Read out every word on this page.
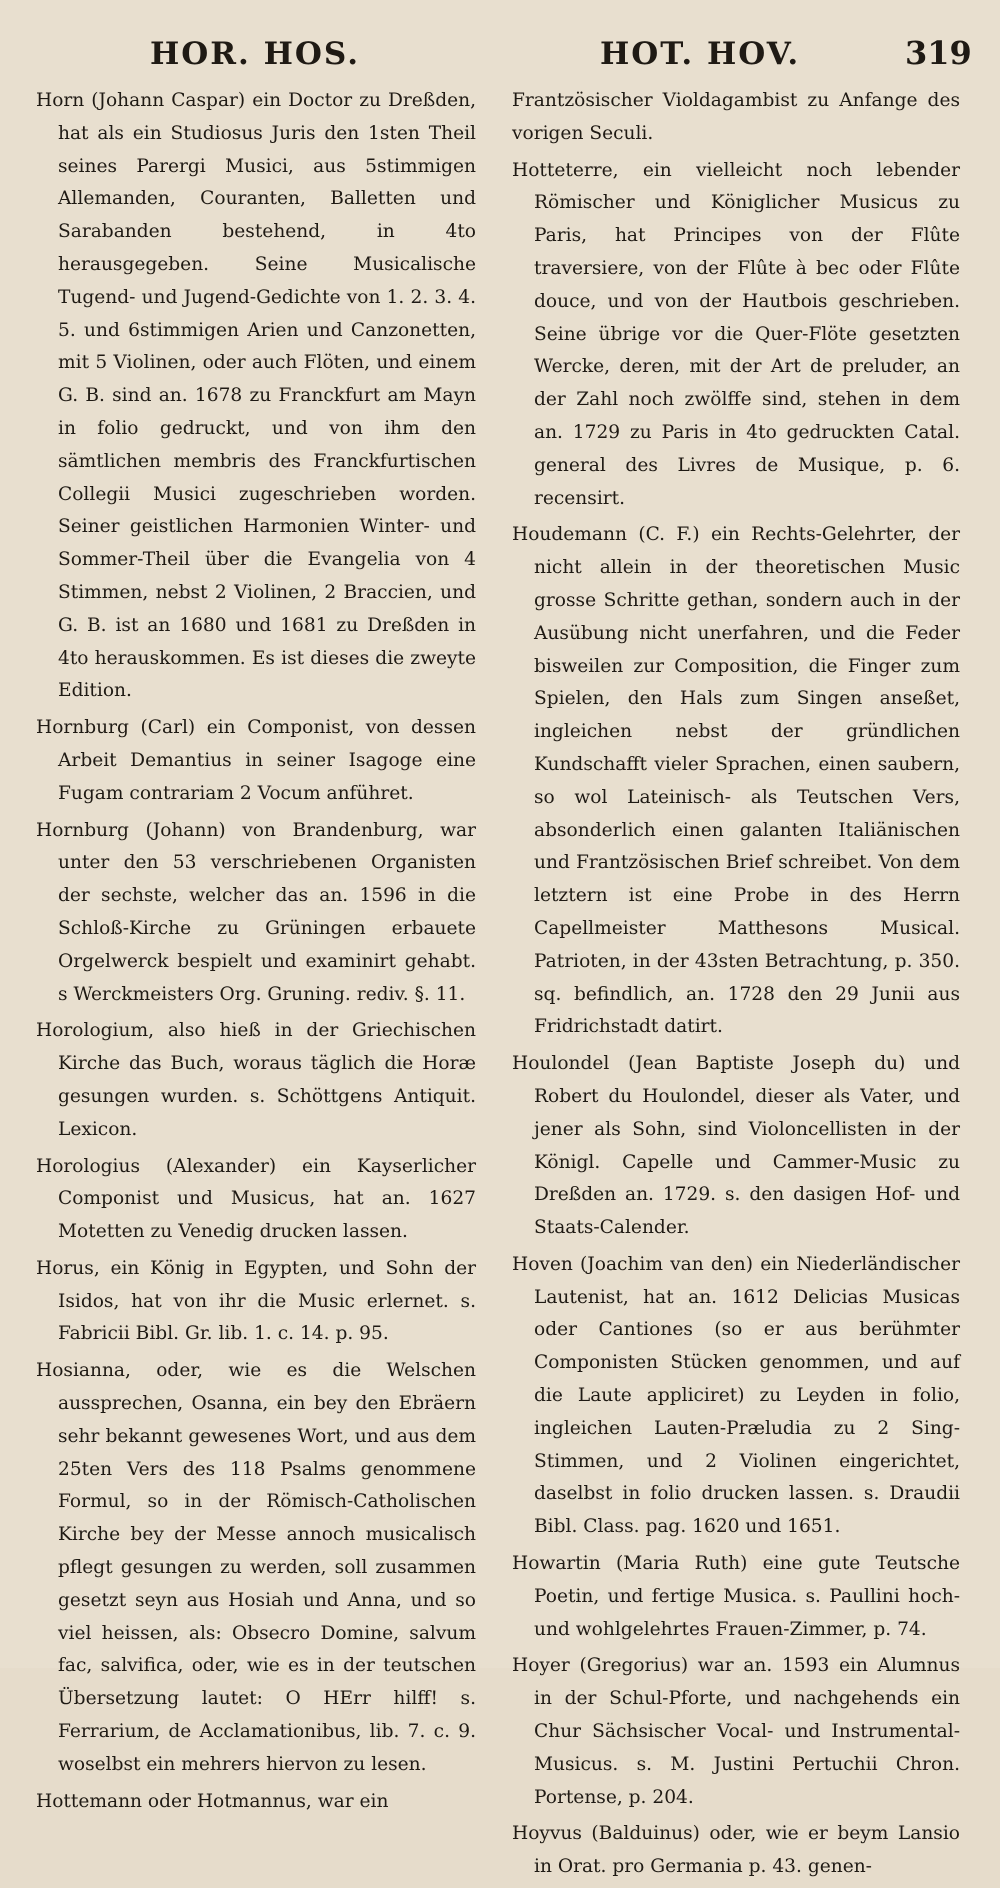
HOR. HOS.	HOT. HOV.	319

Horn (Johann Caspar) ein Doctor zu Dreßden, hat als ein Studiosus Juris den 1sten Theil seines Parergi Musici, aus 5stimmigen Allemanden, Couranten, Balletten und Sarabanden bestehend, in 4to herausgegeben. Seine Musicalische Tugend- und Jugend-Gedichte von 1. 2. 3. 4. 5. und 6stimmigen Arien und Canzonetten, mit 5 Violinen, oder auch Flöten, und einem G. B. sind an. 1678 zu Franckfurt am Mayn in folio gedruckt, und von ihm den sämtlichen membris des Franckfurtischen Collegii Musici zugeschrieben worden. Seiner geistlichen Harmonien Winter- und Sommer-Theil über die Evangelia von 4 Stimmen, nebst 2 Violinen, 2 Braccien, und G. B. ist an 1680 und 1681 zu Dreßden in 4to herauskommen. Es ist dieses die zweyte Edition.

Hornburg (Carl) ein Componist, von dessen Arbeit Demantius in seiner Isagoge eine Fugam contrariam 2 Vocum anführet.

Hornburg (Johann) von Brandenburg, war unter den 53 verschriebenen Organisten der sechste, welcher das an. 1596 in die Schloß-Kirche zu Grüningen erbauete Orgelwerck bespielt und examinirt gehabt. s Werckmeisters Org. Gruning. rediv. §. 11.

Horologium, also hieß in der Griechischen Kirche das Buch, woraus täglich die Horæ gesungen wurden. s. Schöttgens Antiquit. Lexicon.

Horologius (Alexander) ein Kayserlicher Componist und Musicus, hat an. 1627 Motetten zu Venedig drucken lassen.

Horus, ein König in Egypten, und Sohn der Isidos, hat von ihr die Music erlernet. s. Fabricii Bibl. Gr. lib. 1. c. 14. p. 95.

Hosianna, oder, wie es die Welschen aussprechen, Osanna, ein bey den Ebräern sehr bekannt gewesenes Wort, und aus dem 25ten Vers des 118 Psalms genommene Formul, so in der Römisch-Catholischen Kirche bey der Messe annoch musicalisch pflegt gesungen zu werden, soll zusammen gesetzt seyn aus Hosiah und Anna, und so viel heissen, als: Obsecro Domine, salvum fac, salvifica, oder, wie es in der teutschen Übersetzung lautet: O HErr hilff! s. Ferrarium, de Acclamationibus, lib. 7. c. 9. woselbst ein mehrers hiervon zu lesen.

Hottemann oder Hotmannus, war ein

Frantzösischer Violdagambist zu Anfange des vorigen Seculi.

Hotteterre, ein vielleicht noch lebender Römischer und Königlicher Musicus zu Paris, hat Principes von der Flûte traversiere, von der Flûte à bec oder Flûte douce, und von der Hautbois geschrieben. Seine übrige vor die Quer-Flöte gesetzten Wercke, deren, mit der Art de preluder, an der Zahl noch zwölffe sind, stehen in dem an. 1729 zu Paris in 4to gedruckten Catal. general des Livres de Musique, p. 6. recensirt.

Houdemann (C. F.) ein Rechts-Gelehrter, der nicht allein in der theoretischen Music grosse Schritte gethan, sondern auch in der Ausübung nicht unerfahren, und die Feder bisweilen zur Composition, die Finger zum Spielen, den Hals zum Singen anseßet, ingleichen nebst der gründlichen Kundschafft vieler Sprachen, einen saubern, so wol Lateinisch- als Teutschen Vers, absonderlich einen galanten Italiänischen und Frantzösischen Brief schreibet. Von dem letztern ist eine Probe in des Herrn Capellmeister Matthesons Musical. Patrioten, in der 43sten Betrachtung, p. 350. sq. befindlich, an. 1728 den 29 Junii aus Fridrichstadt datirt.

Houlondel (Jean Baptiste Joseph du) und Robert du Houlondel, dieser als Vater, und jener als Sohn, sind Violoncellisten in der Königl. Capelle und Cammer-Music zu Dreßden an. 1729. s. den dasigen Hof- und Staats-Calender.

Hoven (Joachim van den) ein Niederländischer Lautenist, hat an. 1612 Delicias Musicas oder Cantiones (so er aus berühmter Componisten Stücken genommen, und auf die Laute appliciret) zu Leyden in folio, ingleichen Lauten-Præludia zu 2 Sing-Stimmen, und 2 Violinen eingerichtet, daselbst in folio drucken lassen. s. Draudii Bibl. Class. pag. 1620 und 1651.

Howartin (Maria Ruth) eine gute Teutsche Poetin, und fertige Musica. s. Paullini hoch- und wohlgelehrtes Frauen-Zimmer, p. 74.

Hoyer (Gregorius) war an. 1593 ein Alumnus in der Schul-Pforte, und nachgehends ein Chur Sächsischer Vocal- und Instrumental-Musicus. s. M. Justini Pertuchii Chron. Portense, p. 204.

Hoyvus (Balduinus) oder, wie er beym Lansio in Orat. pro Germania p. 43. genen-
